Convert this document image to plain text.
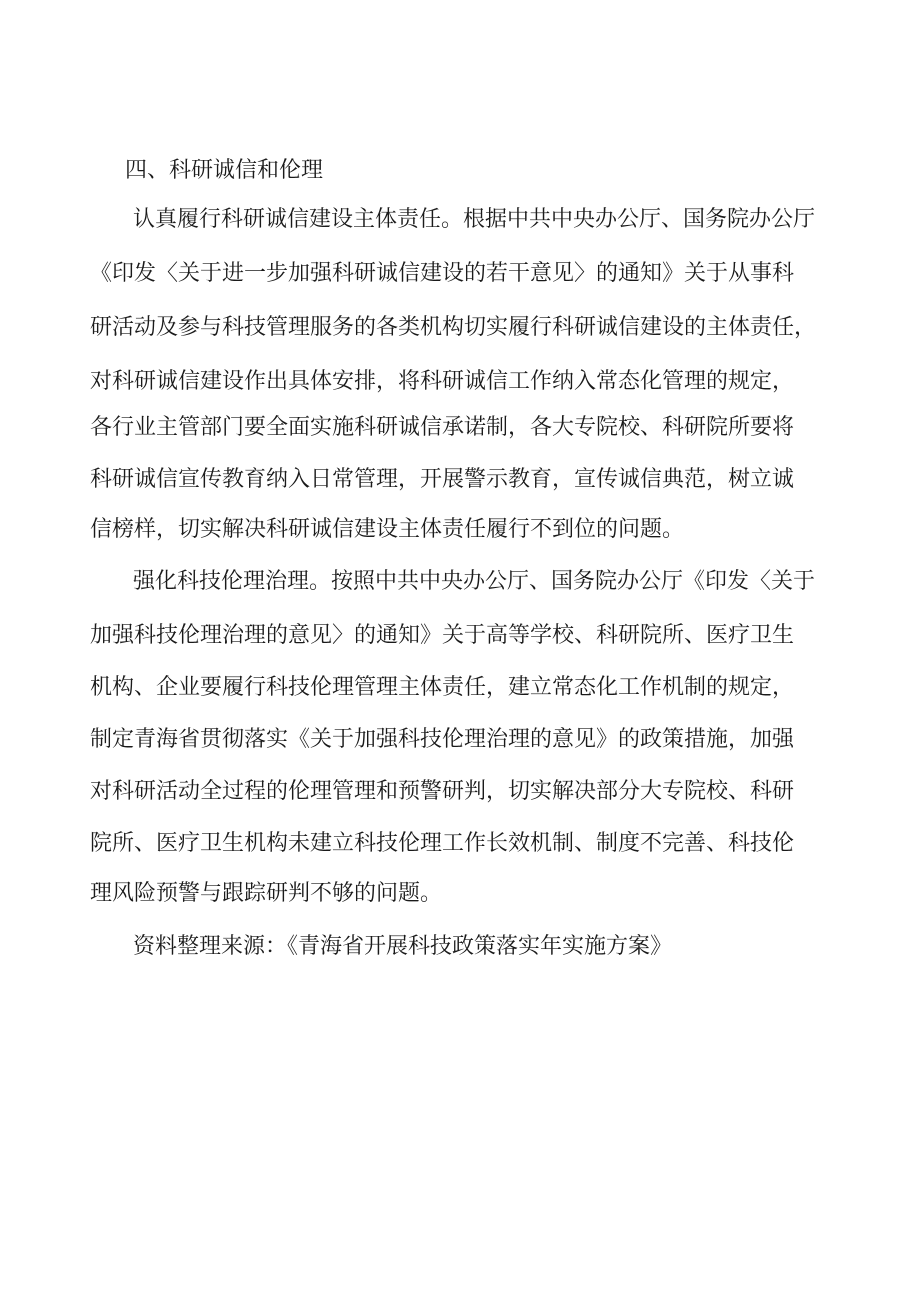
四、科研诚信和伦理
认真履行科研诚信建设主体责任。根据中共中央办公厅、国务院办公厅
《印发〈关于进一步加强科研诚信建设的若干意见〉的通知》关于从事科
研活动及参与科技管理服务的各类机构切实履行科研诚信建设的主体责任，
对科研诚信建设作出具体安排，将科研诚信工作纳入常态化管理的规定，
各行业主管部门要全面实施科研诚信承诺制，各大专院校、科研院所要将
科研诚信宣传教育纳入日常管理，开展警示教育，宣传诚信典范，树立诚
信榜样，切实解决科研诚信建设主体责任履行不到位的问题。
强化科技伦理治理。按照中共中央办公厅、国务院办公厅《印发〈关于
加强科技伦理治理的意见〉的通知》关于高等学校、科研院所、医疗卫生
机构、企业要履行科技伦理管理主体责任，建立常态化工作机制的规定，
制定青海省贯彻落实《关于加强科技伦理治理的意见》的政策措施，加强
对科研活动全过程的伦理管理和预警研判，切实解决部分大专院校、科研
院所、医疗卫生机构未建立科技伦理工作长效机制、制度不完善、科技伦
理风险预警与跟踪研判不够的问题。
资料整理来源：《青海省开展科技政策落实年实施方案》
